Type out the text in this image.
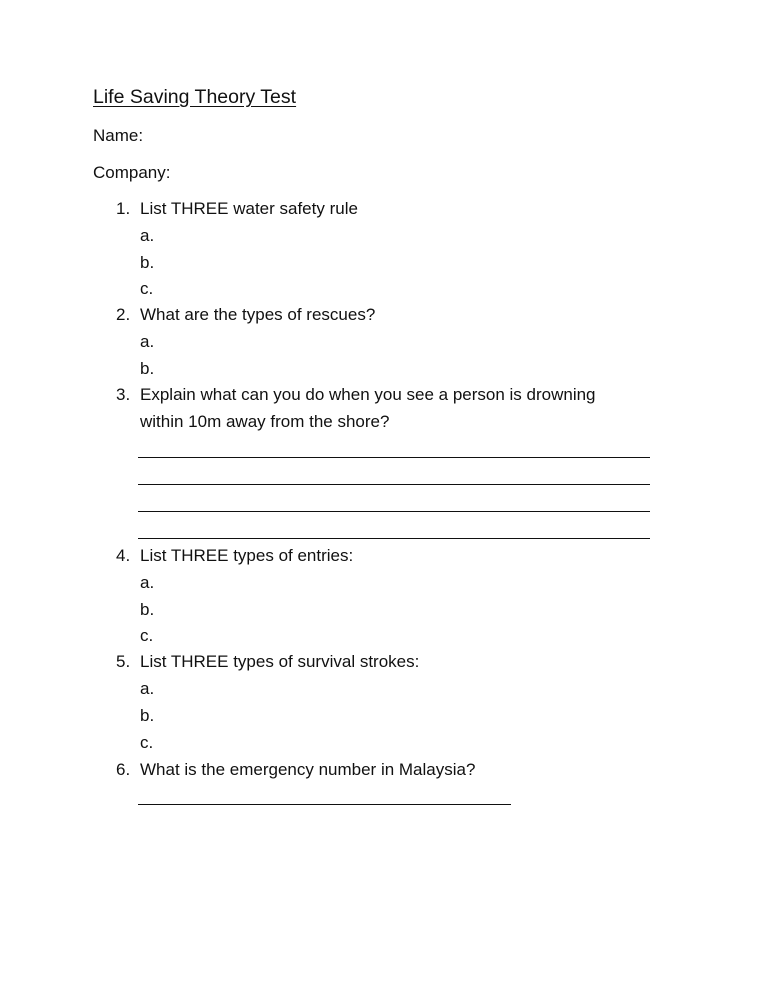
Life Saving Theory Test
Name:
Company:
1. List THREE water safety rule
a.
b.
c.
2. What are the types of rescues?
a.
b.
3. Explain what can you do when you see a person is drowning
within 10m away from the shore?
4. List THREE types of entries:
a.
b.
c.
5. List THREE types of survival strokes:
a.
b.
c.
6. What is the emergency number in Malaysia?
